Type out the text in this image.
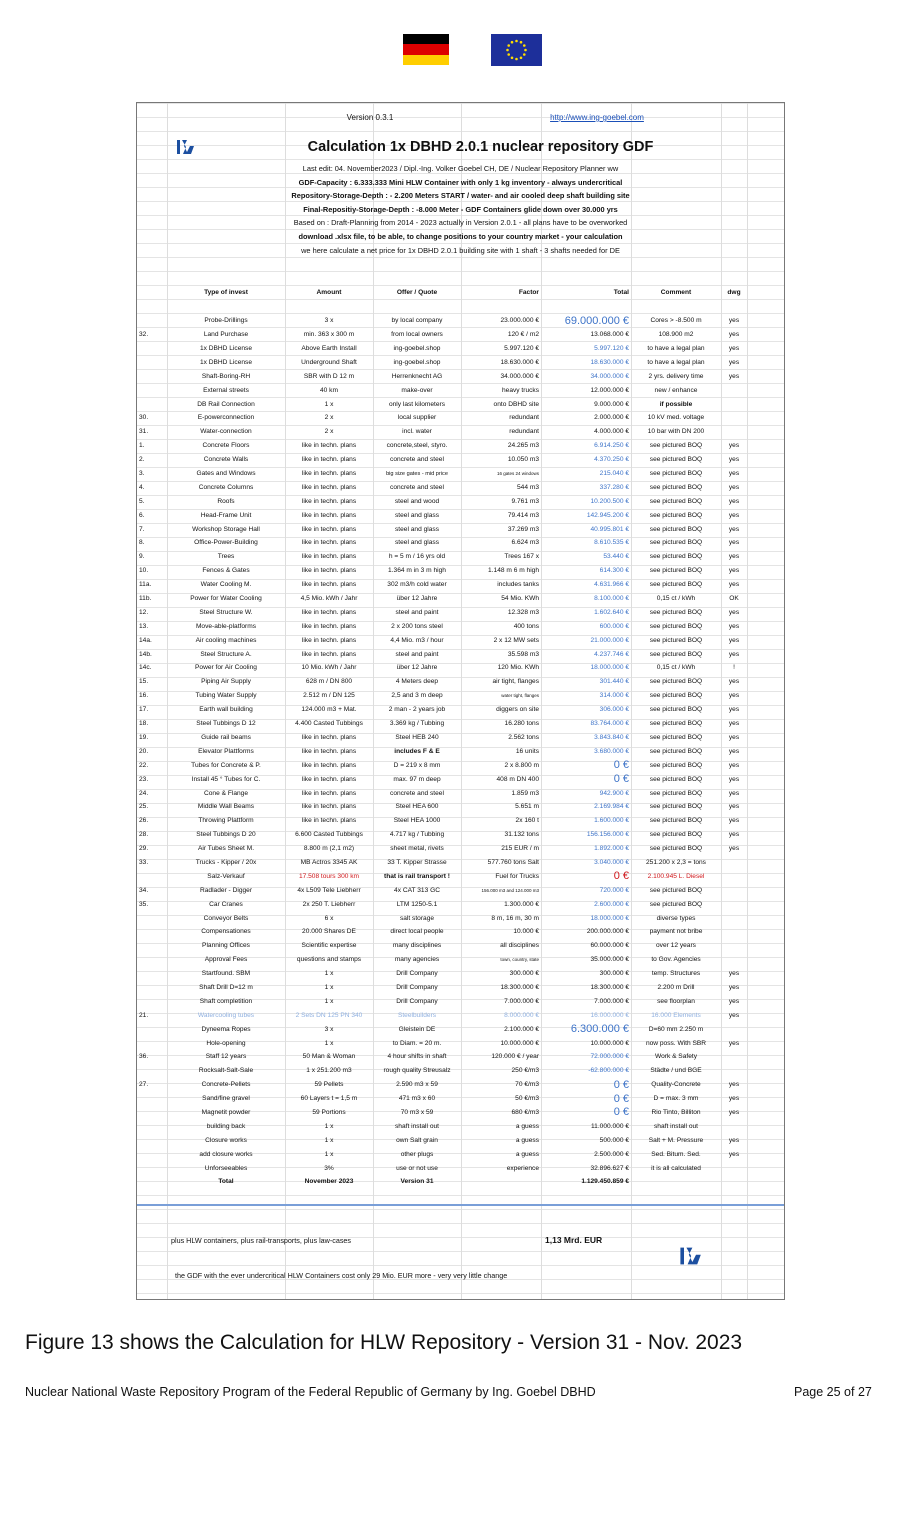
Version 0.3.1	http://www.ing-goebel.com
Calculation 1x DBHD 2.0.1 nuclear repository GDF
Last edit: 04. November2023 / Dipl.-Ing. Volker Goebel CH, DE / Nuclear Repository Planner ww
GDF-Capacity : 6.333.333 Mini HLW Container with only 1 kg inventory - always undercritical
Repository-Storage-Depth : - 2.200 Meters START / water- and air cooled deep shaft building site
Final-Repositiy-Storage-Depth : -8.000 Meter - GDF Containers glide down over 30.000 yrs
Based on : Draft-Planning from 2014 - 2023 actually in Version 2.0.1 - all plans have to be overworked
download .xlsx file, to be able, to change positions to your country market - your calculation
we here calculate a net price for 1x DBHD 2.0.1 building site with 1 shaft - 3 shafts needed for DE
	Type of invest	Amount	Offer / Quote	Factor	Total	Comment	dwg	

	Probe-Drillings	3 x	by local company	23.000.000 €	69.000.000 €	Cores > -8.500 m	yes	
32.	Land Purchase	min. 363 x 300 m	from local owners	120 € / m2	13.068.000 €	108.900 m2	yes	
	1x DBHD License	Above Earth Install	ing-goebel.shop	5.997.120 €	5.997.120 €	to have a legal plan	yes	
	1x DBHD License	Underground Shaft	ing-goebel.shop	18.630.000 €	18.630.000 €	to have a legal plan	yes	
	Shaft-Boring-RH	SBR with D 12 m	Herrenknecht AG	34.000.000 €	34.000.000 €	2 yrs. delivery time	yes	
	External streets	40 km	make-over	heavy trucks	12.000.000 €	new / enhance		
	DB Rail Connection	1 x	only last kilometers	onto DBHD site	9.000.000 €	if possible		
30.	E-powerconnection	2 x	local supplier	redundant	2.000.000 €	10 kV med. voltage		
31.	Water-connection	2 x	incl. water	redundant	4.000.000 €	10 bar with DN 200		
1.	Concrete Floors	like in techn. plans	concrete,steel, styro.	24.265 m3	6.914.250 €	see pictured BOQ	yes	
2.	Concrete Walls	like in techn. plans	concrete and steel	10.050 m3	4.370.250 €	see pictured BOQ	yes	
3.	Gates and Windows	like in techn. plans	big size gates - mid price	16 gates 24 windows	215.040 €	see pictured BOQ	yes	
4.	Concrete Columns	like in techn. plans	concrete and steel	544 m3	337.280 €	see pictured BOQ	yes	
5.	Roofs	like in techn. plans	steel and wood	9.761 m3	10.200.500 €	see pictured BOQ	yes	
6.	Head-Frame Unit	like in techn. plans	steel and glass	79.414 m3	142.945.200 €	see pictured BOQ	yes	
7.	Workshop Storage Hall	like in techn. plans	steel and glass	37.269 m3	40.995.801 €	see pictured BOQ	yes	
8.	Office-Power-Building	like in techn. plans	steel and glass	6.624 m3	8.610.535 €	see pictured BOQ	yes	
9.	Trees	like in techn. plans	h = 5 m / 16 yrs old	Trees 167 x	53.440 €	see pictured BOQ	yes	
10.	Fences & Gates	like in techn. plans	1.364 m in 3 m high	1.148 m 6 m high	614.300 €	see pictured BOQ	yes	
11a.	Water Cooling M.	like in techn. plans	302 m3/h cold water	includes tanks	4.631.966 €	see pictured BOQ	yes	
11b.	Power for Water Cooling	4,5 Mio. kWh / Jahr	über 12 Jahre	54 Mio. KWh	8.100.000 €	0,15 ct / kWh	OK	
12.	Steel Structure W.	like in techn. plans	steel and paint	12.328 m3	1.602.640 €	see pictured BOQ	yes	
13.	Move-able-platforms	like in techn. plans	2 x 200 tons steel	400 tons	600.000 €	see pictured BOQ	yes	
14a.	Air cooling machines	like in techn. plans	4,4 Mio. m3 / hour	2 x 12 MW sets	21.000.000 €	see pictured BOQ	yes	
14b.	Steel Structure A.	like in techn. plans	steel and paint	35.598 m3	4.237.746 €	see pictured BOQ	yes	
14c.	Power for Air Cooling	10 Mio. kWh / Jahr	über 12 Jahre	120 Mio. KWh	18.000.000 €	0,15 ct / kWh	!	
15.	Piping Air Supply	628 m / DN 800	4 Meters deep	air tight, flanges	301.440 €	see pictured BOQ	yes	
16.	Tubing Water Supply	2.512 m / DN 125	2,5 and 3 m deep	water tight, flanges	314.000 €	see pictured BOQ	yes	
17.	Earth wall building	124.000 m3 + Mat.	2 man - 2 years job	diggers on site	306.000 €	see pictured BOQ	yes	
18.	Steel Tubbings D 12	4.400 Casted Tubbings	3.369 kg / Tubbing	16.280 tons	83.764.000 €	see pictured BOQ	yes	
19.	Guide rail beams	like in techn. plans	Steel HEB 240	2.562 tons	3.843.840 €	see pictured BOQ	yes	
20.	Elevator Plattforms	like in techn. plans	includes F & E	16 units	3.680.000 €	see pictured BOQ	yes	
22.	Tubes for Concrete & P.	like in techn. plans	D = 219 x 8 mm	2 x 8.800 m	0 €	see pictured BOQ	yes	
23.	Install 45 ° Tubes for C.	like in techn. plans	max. 97 m deep	408 m DN 400	0 €	see pictured BOQ	yes	
24.	Cone & Flange	like in techn. plans	concrete and steel	1.859 m3	942.900 €	see pictured BOQ	yes	
25.	Middle Wall Beams	like in techn. plans	Steel HEA 600	5.651 m	2.169.984 €	see pictured BOQ	yes	
26.	Throwing Plattform	like in techn. plans	Steel HEA 1000	2x 160 t	1.600.000 €	see pictured BOQ	yes	
28.	Steel Tubbings D 20	6.600 Casted Tubbings	4.717 kg / Tubbing	31.132 tons	156.156.000 €	see pictured BOQ	yes	
29.	Air Tubes Sheet M.	8.800 m (2,1 m2)	sheet metal, rivets	215 EUR / m	1.892.000 €	see pictured BOQ	yes	
33.	Trucks - Kipper / 20x	MB Actros 3345 AK	33 T. Kipper Strasse	577.760 tons Salt	3.040.000 €	251.200 x 2,3 = tons		
	Salz-Verkauf	17.508 tours 300 km	that is rail transport !	Fuel for Trucks	0 €	2.100.945 L. Diesel		
34.	Radlader - Digger	4x L509 Tele Liebherr	4x CAT 313 GC	156.000 m3 and 124.000 m3	720.000 €	see pictured BOQ		
35.	Car Cranes	2x 250 T. Liebherr	LTM 1250-5.1	1.300.000 €	2.600.000 €	see pictured BOQ		
	Conveyor Belts	6 x	salt storage	8 m, 16 m, 30 m	18.000.000 €	diverse types		
	Compensationes	20.000 Shares DE	direct local people	10.000 €	200.000.000 €	payment not bribe		
	Planning Offices	Scientific expertise	many disciplines	all disciplines	60.000.000 €	over 12 years		
	Approval Fees	questions and stamps	many agencies	town, country, state	35.000.000 €	to Gov. Agencies		
	Startfound. SBM	1 x	Drill Company	300.000 €	300.000 €	temp. Structures	yes	
	Shaft Drill D=12 m	1 x	Drill Company	18.300.000 €	18.300.000 €	2.200 m Drill	yes	
	Shaft completition	1 x	Drill Company	7.000.000 €	7.000.000 €	see floorplan	yes	
21.	Watercooling tubes	2 Sets DN 125 PN 340	Steelbuilders	8.000.000 €	16.000.000 €	16.000 Elements	yes	
	Dyneema Ropes	3 x	Gleistein DE	2.100.000 €	6.300.000 €	D=60 mm 2.250 m		
	Hole-opening	1 x	to Diam. = 20 m.	10.000.000 €	10.000.000 €	now poss. With SBR	yes	
36.	Staff 12 years	50 Man & Woman	4 hour shifts in shaft	120.000 € / year	72.000.000 €	Work & Safety		
	Rocksalt-Salt-Sale	1 x 251.200 m3	rough quality Streusalz	250 €/m3	-62.800.000 €	Städte / und BGE		
27.	Concrete-Pellets	59 Pellets	2.590 m3 x 59	70 €/m3	0 €	Quality-Concrete	yes	
	Sand/fine gravel	60 Layers t = 1,5 m	471 m3 x 60	50 €/m3	0 €	D = max. 3 mm	yes	
	Magnetit powder	59 Portions	70 m3 x 59	680 €/m3	0 €	Rio Tinto, Billiton	yes	
	building back	1 x	shaft install out	a guess	11.000.000 €	shaft install out		
	Closure works	1 x	own Salt grain	a guess	500.000 €	Salt + M. Pressure	yes	
	add closure works	1 x	other plugs	a guess	2.500.000 €	Sed. Bitum. Sed.	yes	
	Unforseeables	3%	use or not use	experience	32.896.627 €	it is all calculated		
	Total	November 2023	Version 31		1.129.450.859 €			
plus HLW containers, plus rail-transports, plus law-cases	1,13 Mrd. EUR
the GDF with the ever undercritical HLW Containers cost only 29 Mio. EUR more - very very little change
Figure 13 shows the Calculation for HLW Repository - Version 31 - Nov. 2023
Nuclear National Waste Repository Program of the Federal Republic of Germany by Ing. Goebel DBHD	Page 25 of 27
